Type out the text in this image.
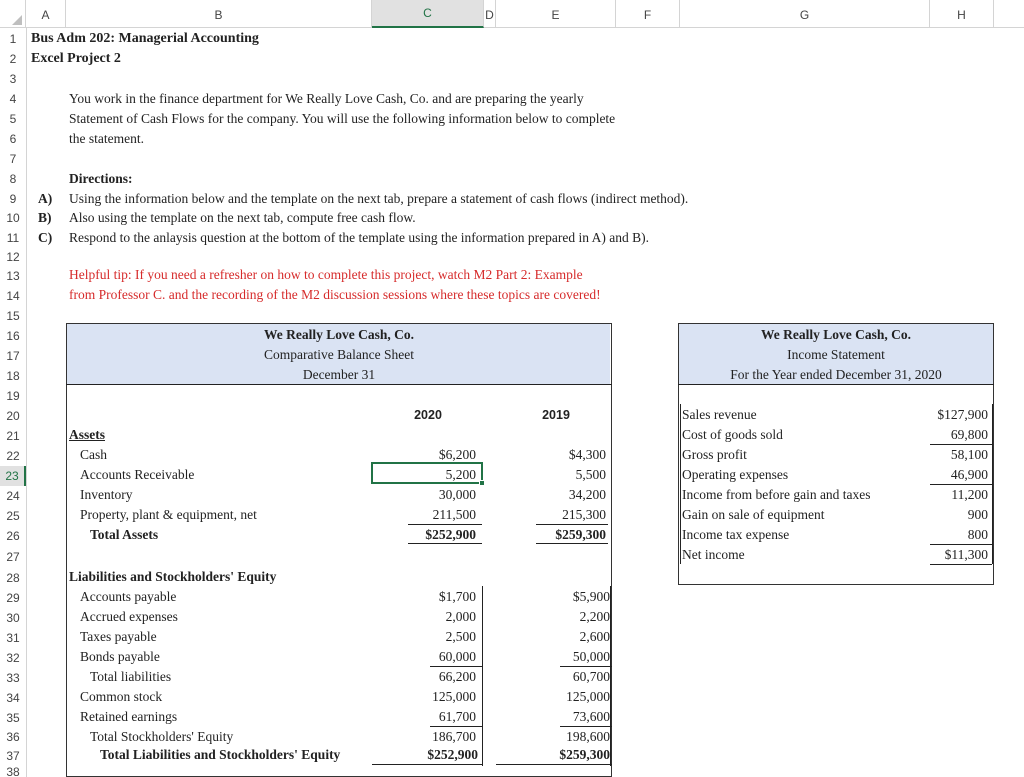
A	B	C	D	E	F	G	H
1
2
3
4
5
6
7
8
9
10
11
12
13
14
15
16
17
18
19
20
21
22
23
24
25
26
27
28
29
30
31
32
33
34
35
36
37
38
Bus Adm 202: Managerial Accounting
Excel Project 2
You work in the finance department for We Really Love Cash, Co. and are preparing the yearly
Statement of Cash Flows for the company. You will use the following information below to complete
the statement.
Directions:
A) Using the information below and the template on the next tab, prepare a statement of cash flows (indirect method).
B) Also using the template on the next tab, compute free cash flow.
C) Respond to the anlaysis question at the bottom of the template using the information prepared in A) and B).
Helpful tip: If you need a refresher on how to complete this project, watch M2 Part 2: Example
from Professor C. and the recording of the M2 discussion sessions where these topics are covered!
We Really Love Cash, Co.
Comparative Balance Sheet
December 31
2020	2019
Assets
Cash	$6,200	$4,300
Accounts Receivable	5,200	5,500
Inventory	30,000	34,200
Property, plant & equipment, net	211,500	215,300
Total Assets	$252,900	$259,300
Liabilities and Stockholders' Equity
Accounts payable	$1,700	$5,900
Accrued expenses	2,000	2,200
Taxes payable	2,500	2,600
Bonds payable	60,000	50,000
Total liabilities	66,200	60,700
Common stock	125,000	125,000
Retained earnings	61,700	73,600
Total Stockholders' Equity	186,700	198,600
Total Liabilities and Stockholders' Equity	$252,900	$259,300
We Really Love Cash, Co.
Income Statement
For the Year ended December 31, 2020
Sales revenue	$127,900
Cost of goods sold	69,800
Gross profit	58,100
Operating expenses	46,900
Income from before gain and taxes	11,200
Gain on sale of equipment	900
Income tax expense	800
Net income	$11,300
